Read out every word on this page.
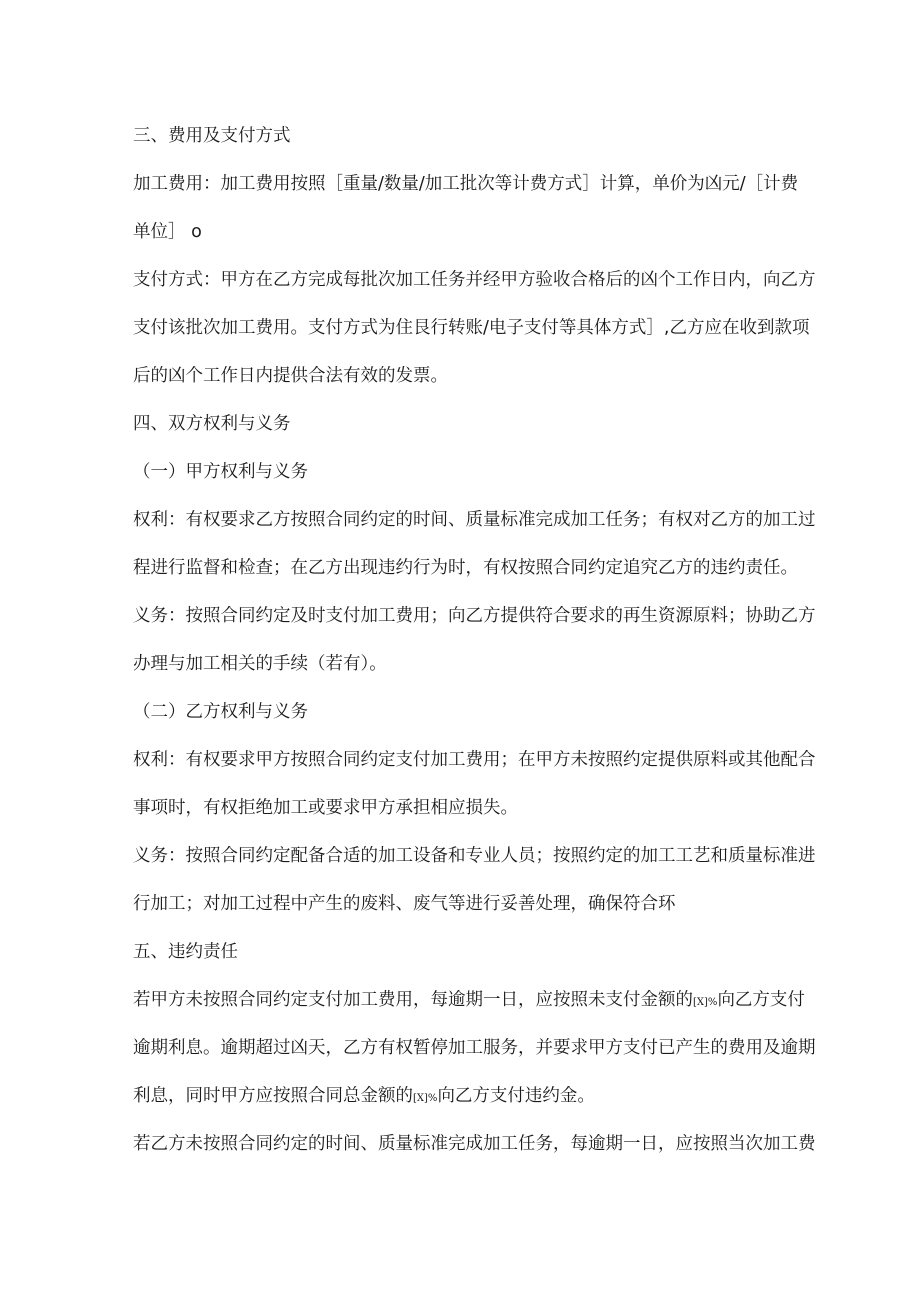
三、费用及支付方式
加工费用：加工费用按照［重量/数量/加工批次等计费方式］计算，单价为凶元/［计费
单位］ o
支付方式：甲方在乙方完成每批次加工任务并经甲方验收合格后的凶个工作日内，向乙方
支付该批次加工费用。支付方式为住艮行转账/电子支付等具体方式］,乙方应在收到款项
后的凶个工作日内提供合法有效的发票。
四、双方权利与义务
（一）甲方权利与义务
权利：有权要求乙方按照合同约定的时间、质量标准完成加工任务；有权对乙方的加工过
程进行监督和检查；在乙方出现违约行为时，有权按照合同约定追究乙方的违约责任。
义务：按照合同约定及时支付加工费用；向乙方提供符合要求的再生资源原料；协助乙方
办理与加工相关的手续（若有）。
（二）乙方权利与义务
权利：有权要求甲方按照合同约定支付加工费用；在甲方未按照约定提供原料或其他配合
事项时，有权拒绝加工或要求甲方承担相应损失。
义务：按照合同约定配备合适的加工设备和专业人员；按照约定的加工工艺和质量标准进
行加工；对加工过程中产生的废料、废气等进行妥善处理，确保符合环
五、违约责任
若甲方未按照合同约定支付加工费用，每逾期一日，应按照未支付金额的[X]%向乙方支付
逾期利息。逾期超过凶天，乙方有权暂停加工服务，并要求甲方支付已产生的费用及逾期
利息，同时甲方应按照合同总金额的[X]%向乙方支付违约金。
若乙方未按照合同约定的时间、质量标准完成加工任务，每逾期一日，应按照当次加工费
